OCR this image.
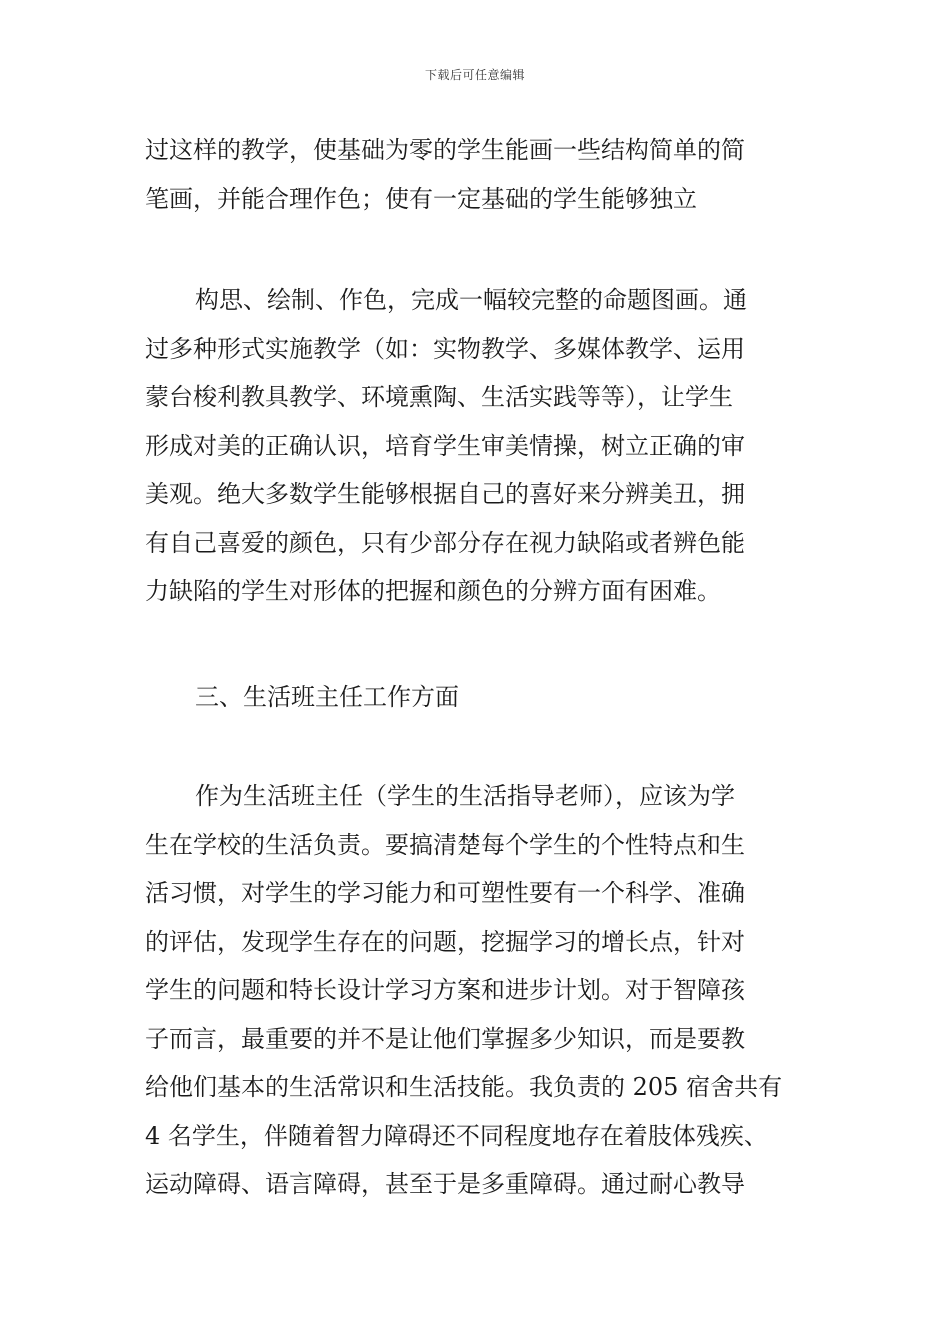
下载后可任意编辑
过这样的教学，使基础为零的学生能画一些结构简单的简
笔画，并能合理作色；使有一定基础的学生能够独立
构思、绘制、作色，完成一幅较完整的命题图画。通
过多种形式实施教学（如：实物教学、多媒体教学、运用
蒙台梭利教具教学、环境熏陶、生活实践等等），让学生
形成对美的正确认识，培育学生审美情操，树立正确的审
美观。绝大多数学生能够根据自己的喜好来分辨美丑，拥
有自己喜爱的颜色，只有少部分存在视力缺陷或者辨色能
力缺陷的学生对形体的把握和颜色的分辨方面有困难。
三、生活班主任工作方面
作为生活班主任（学生的生活指导老师），应该为学
生在学校的生活负责。要搞清楚每个学生的个性特点和生
活习惯，对学生的学习能力和可塑性要有一个科学、准确
的评估，发现学生存在的问题，挖掘学习的增长点，针对
学生的问题和特长设计学习方案和进步计划。对于智障孩
子而言，最重要的并不是让他们掌握多少知识，而是要教
给他们基本的生活常识和生活技能。我负责的 205 宿舍共有
4 名学生，伴随着智力障碍还不同程度地存在着肢体残疾、
运动障碍、语言障碍，甚至于是多重障碍。通过耐心教导
